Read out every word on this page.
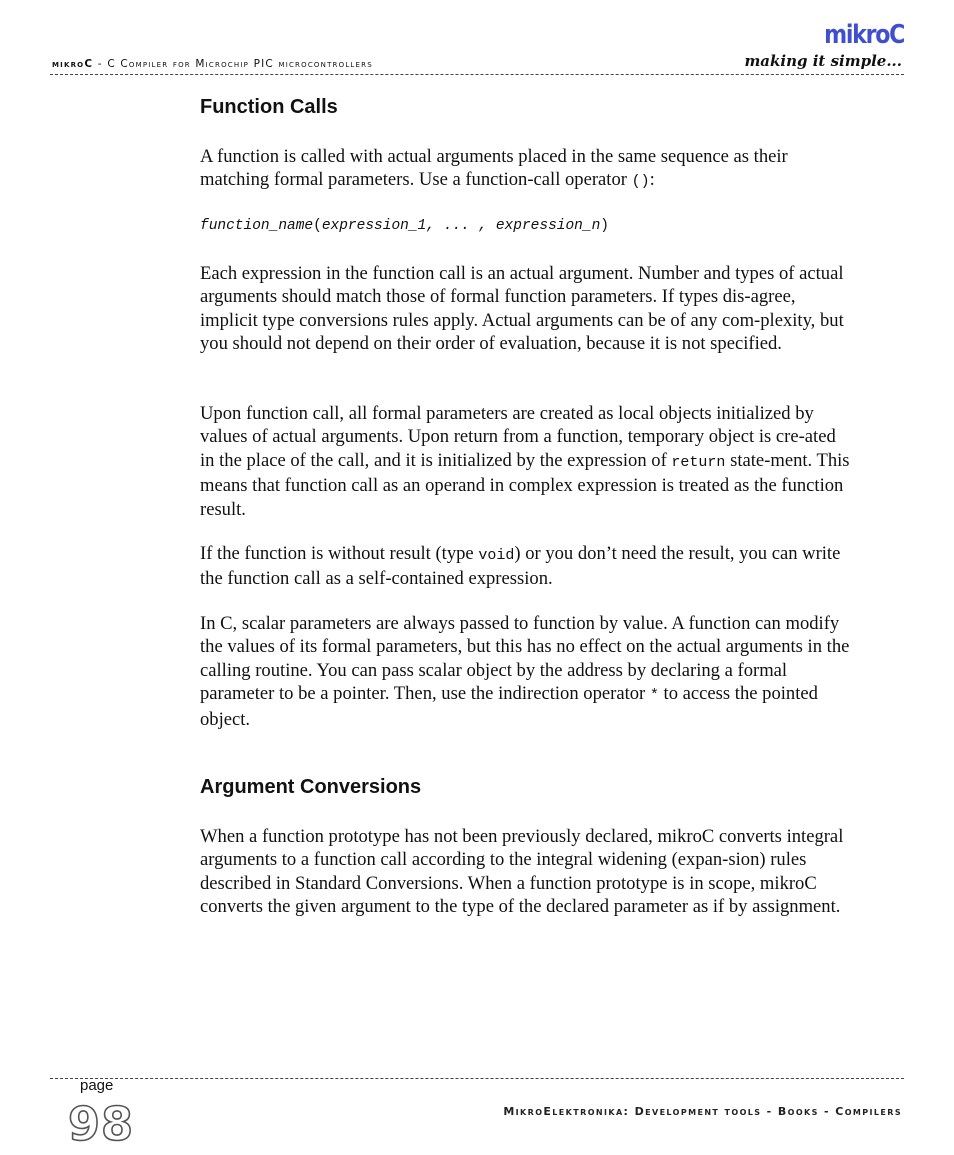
mikroC - C Compiler for Microchip PIC microcontrollers
mikroC
making it simple...
Function Calls

A function is called with actual arguments placed in the same sequence as their matching formal parameters. Use a function-call operator ():

function_name(expression_1, ... , expression_n)

Each expression in the function call is an actual argument. Number and types of actual arguments should match those of formal function parameters. If types dis-agree, implicit type conversions rules apply. Actual arguments can be of any com-plexity, but you should not depend on their order of evaluation, because it is not specified.

Upon function call, all formal parameters are created as local objects initialized by values of actual arguments. Upon return from a function, temporary object is cre-ated in the place of the call, and it is initialized by the expression of return state-ment. This means that function call as an operand in complex expression is treated as the function result.

If the function is without result (type void) or you don’t need the result, you can write the function call as a self-contained expression.

In C, scalar parameters are always passed to function by value. A function can modify the values of its formal parameters, but this has no effect on the actual arguments in the calling routine. You can pass scalar object by the address by declaring a formal parameter to be a pointer. Then, use the indirection operator * to access the pointed object.

Argument Conversions

When a function prototype has not been previously declared, mikroC converts integral arguments to a function call according to the integral widening (expan-sion) rules described in Standard Conversions. When a function prototype is in scope, mikroC converts the given argument to the type of the declared parameter as if by assignment.

page
98	MikroElektronika: Development tools - Books - Compilers
